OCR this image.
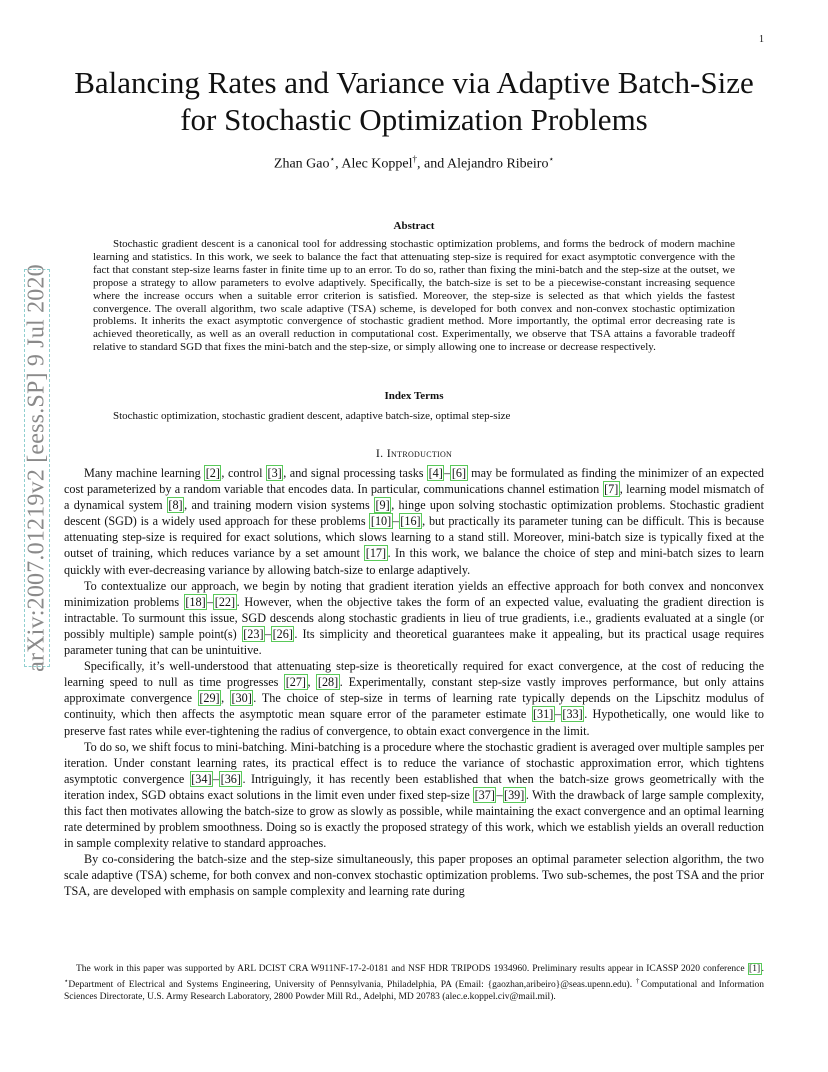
1
arXiv:2007.01219v2 [eess.SP] 9 Jul 2020
Balancing Rates and Variance via Adaptive Batch-Size for Stochastic Optimization Problems
Zhan Gao⋆, Alec Koppel†, and Alejandro Ribeiro⋆
Abstract

Stochastic gradient descent is a canonical tool for addressing stochastic optimization problems, and forms the bedrock of modern machine learning and statistics. In this work, we seek to balance the fact that attenuating step-size is required for exact asymptotic convergence with the fact that constant step-size learns faster in finite time up to an error. To do so, rather than fixing the mini-batch and the step-size at the outset, we propose a strategy to allow parameters to evolve adaptively. Specifically, the batch-size is set to be a piecewise-constant increasing sequence where the increase occurs when a suitable error criterion is satisfied. Moreover, the step-size is selected as that which yields the fastest convergence. The overall algorithm, two scale adaptive (TSA) scheme, is developed for both convex and non-convex stochastic optimization problems. It inherits the exact asymptotic convergence of stochastic gradient method. More importantly, the optimal error decreasing rate is achieved theoretically, as well as an overall reduction in computational cost. Experimentally, we observe that TSA attains a favorable tradeoff relative to standard SGD that fixes the mini-batch and the step-size, or simply allowing one to increase or decrease respectively.

Index Terms

Stochastic optimization, stochastic gradient descent, adaptive batch-size, optimal step-size

I. Introduction

Many machine learning [2] , control [3] , and signal processing tasks [4] – [6] may be formulated as finding the minimizer of an expected cost parameterized by a random variable that encodes data. In particular, communications channel estimation [7] , learning model mismatch of a dynamical system [8] , and training modern vision systems [9] , hinge upon solving stochastic optimization problems. Stochastic gradient descent (SGD) is a widely used approach for these problems [10] – [16] , but practically its parameter tuning can be difficult. This is because attenuating step-size is required for exact solutions, which slows learning to a stand still. Moreover, mini-batch size is typically fixed at the outset of training, which reduces variance by a set amount [17] . In this work, we balance the choice of step and mini-batch sizes to learn quickly with ever-decreasing variance by allowing batch-size to enlarge adaptively.

To contextualize our approach, we begin by noting that gradient iteration yields an effective approach for both convex and nonconvex minimization problems [18] – [22] . However, when the objective takes the form of an expected value, evaluating the gradient direction is intractable. To surmount this issue, SGD descends along stochastic gradients in lieu of true gradients, i.e., gradients evaluated at a single (or possibly multiple) sample point(s) [23] – [26] . Its simplicity and theoretical guarantees make it appealing, but its practical usage requires parameter tuning that can be unintuitive.

Specifically, it’s well-understood that attenuating step-size is theoretically required for exact convergence, at the cost of reducing the learning speed to null as time progresses [27] , [28] . Experimentally, constant step-size vastly improves performance, but only attains approximate convergence [29] , [30] . The choice of step-size in terms of learning rate typically depends on the Lipschitz modulus of continuity, which then affects the asymptotic mean square error of the parameter estimate [31] – [33] . Hypothetically, one would like to preserve fast rates while ever-tightening the radius of convergence, to obtain exact convergence in the limit.

To do so, we shift focus to mini-batching. Mini-batching is a procedure where the stochastic gradient is averaged over multiple samples per iteration. Under constant learning rates, its practical effect is to reduce the variance of stochastic approximation error, which tightens asymptotic convergence [34] – [36] . Intriguingly, it has recently been established that when the batch-size grows geometrically with the iteration index, SGD obtains exact solutions in the limit even under fixed step-size [37] – [39] . With the drawback of large sample complexity, this fact then motivates allowing the batch-size to grow as slowly as possible, while maintaining the exact convergence and an optimal learning rate determined by problem smoothness. Doing so is exactly the proposed strategy of this work, which we establish yields an overall reduction in sample complexity relative to standard approaches.

By co-considering the batch-size and the step-size simultaneously, this paper proposes an optimal parameter selection algorithm, the two scale adaptive (TSA) scheme, for both convex and non-convex stochastic optimization problems. Two sub-schemes, the post TSA and the prior TSA, are developed with emphasis on sample complexity and learning rate during

The work in this paper was supported by ARL DCIST CRA W911NF-17-2-0181 and NSF HDR TRIPODS 1934960. Preliminary results appear in ICASSP 2020 conference [1] . ⋆Department of Electrical and Systems Engineering, University of Pennsylvania, Philadelphia, PA (Email: {gaozhan,aribeiro}@seas.upenn.edu). †Computational and Information Sciences Directorate, U.S. Army Research Laboratory, 2800 Powder Mill Rd., Adelphi, MD 20783 (alec.e.koppel.civ@mail.mil).
